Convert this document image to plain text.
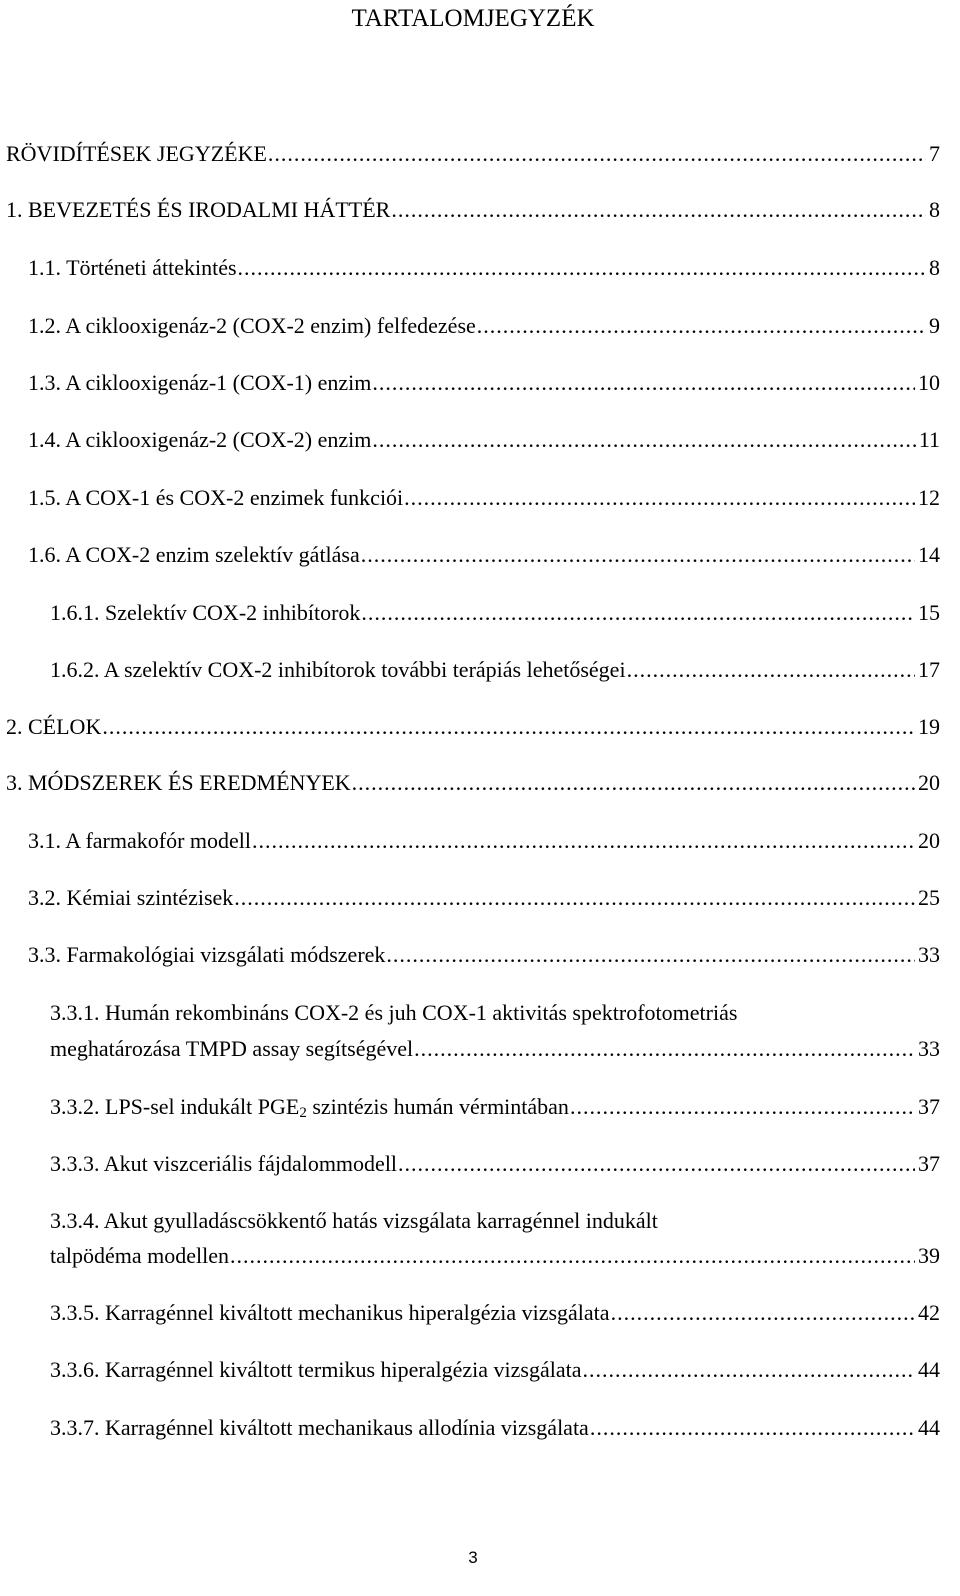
TARTALOMJEGYZÉK
RÖVIDÍTÉSEK JEGYZÉKE .....	7
1. BEVEZETÉS ÉS IRODALMI HÁTTÉR .....	8
1.1. Történeti áttekintés .....	8
1.2. A ciklooxigenáz-2 (COX-2 enzim) felfedezése .....	9
1.3. A ciklooxigenáz-1 (COX-1) enzim .....	10
1.4. A ciklooxigenáz-2 (COX-2) enzim .....	11
1.5. A COX-1 és COX-2 enzimek funkciói .....	12
1.6. A COX-2 enzim szelektív gátlása .....	14
1.6.1. Szelektív COX-2 inhibítorok .....	15
1.6.2. A szelektív COX-2 inhibítorok további terápiás lehetőségei .....	17
2. CÉLOK .....	19
3. MÓDSZEREK ÉS EREDMÉNYEK .....	20
3.1. A farmakofór modell .....	20
3.2. Kémiai szintézisek .....	25
3.3. Farmakológiai vizsgálati módszerek .....	33
3.3.1. Humán rekombináns COX-2 és juh COX-1 aktivitás spektrofotometriás
meghatározása TMPD assay segítségével .....	33
3.3.2. LPS-sel indukált $PGE_2$ szintézis humán vérmintában .....	37
3.3.3. Akut viszceriális fájdalommodell .....	37
3.3.4. Akut gyulladáscsökkentő hatás vizsgálata karragénnel indukált
talpödéma modellen .....	39
3.3.5. Karragénnel kiváltott mechanikus hiperalgézia vizsgálata .....	42
3.3.6. Karragénnel kiváltott termikus hiperalgézia vizsgálata .....	44
3.3.7. Karragénnel kiváltott mechanikaus allodínia vizsgálata .....	44
3
